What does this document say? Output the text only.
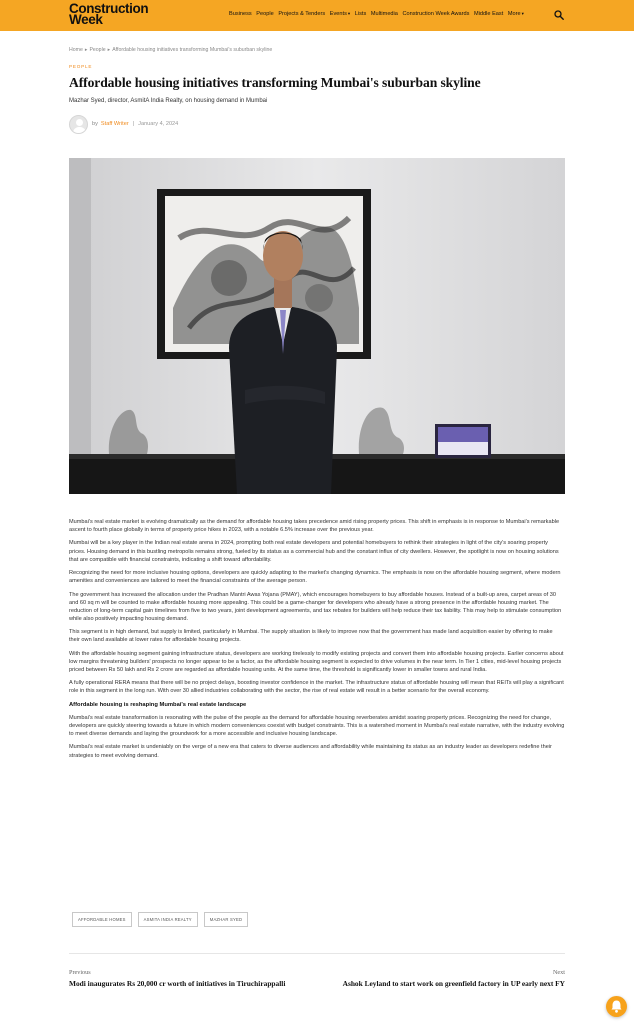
Construction
Week	Business People Projects & Tenders Events▾ Lists Multimedia Construction Week Awards Middle East More▾
Home ▸ People ▸ Affordable housing initiatives transforming Mumbai's suburban skyline
PEOPLE
Affordable housing initiatives transforming Mumbai's suburban skyline
Mazhar Syed, director, AsmitA India Realty, on housing demand in Mumbai
by Staff Writer | January 4, 2024

Mumbai's real estate market is evolving dramatically as the demand for affordable housing takes precedence amid rising property prices. This shift in emphasis is in response to Mumbai's remarkable ascent to fourth place globally in terms of property price hikes in 2023, with a notable 6.5% increase over the previous year.

Mumbai will be a key player in the Indian real estate arena in 2024, prompting both real estate developers and potential homebuyers to rethink their strategies in light of the city's soaring property prices. Housing demand in this bustling metropolis remains strong, fueled by its status as a commercial hub and the constant influx of city dwellers. However, the spotlight is now on housing solutions that are compatible with financial constraints, indicating a shift toward affordability.

Recognizing the need for more inclusive housing options, developers are quickly adapting to the market's changing dynamics. The emphasis is now on the affordable housing segment, where modern amenities and conveniences are tailored to meet the financial constraints of the average person.

The government has increased the allocation under the Pradhan Mantri Awas Yojana (PMAY), which encourages homebuyers to buy affordable houses. Instead of a built-up area, carpet areas of 30 and 60 sq m will be counted to make affordable housing more appealing. This could be a game-changer for developers who already have a strong presence in the affordable housing market. The reduction of long-term capital gain timelines from five to two years, joint development agreements, and tax rebates for builders will help reduce their tax liability. This may help to stimulate consumption while also positively impacting housing demand.

This segment is in high demand, but supply is limited, particularly in Mumbai. The supply situation is likely to improve now that the government has made land acquisition easier by offering to make their own land available at lower rates for affordable housing projects.

With the affordable housing segment gaining infrastructure status, developers are working tirelessly to modify existing projects and convert them into affordable housing projects. Earlier concerns about low margins threatening builders' prospects no longer appear to be a factor, as the affordable housing segment is expected to drive volumes in the near term. In Tier 1 cities, mid-level housing projects priced between Rs 50 lakh and Rs 2 crore are regarded as affordable housing units. At the same time, the threshold is significantly lower in smaller towns and rural India.

A fully operational RERA means that there will be no project delays, boosting investor confidence in the market. The infrastructure status of affordable housing will mean that REITs will play a significant role in this segment in the long run. With over 30 allied industries collaborating with the sector, the rise of real estate will result in a better scenario for the overall economy.

Affordable housing is reshaping Mumbai's real estate landscape

Mumbai's real estate transformation is resonating with the pulse of the people as the demand for affordable housing reverberates amidst soaring property prices. Recognizing the need for change, developers are quickly steering towards a future in which modern conveniences coexist with budget constraints. This is a watershed moment in Mumbai's real estate narrative, with the industry evolving to meet diverse demands and laying the groundwork for a more accessible and inclusive housing landscape.

Mumbai's real estate market is undeniably on the verge of a new era that caters to diverse audiences and affordability while maintaining its status as an industry leader as developers redefine their strategies to meet evolving demand.

AFFORDABLE HOMES	ASMITA INDIA REALTY	MAZHAR SYED
Previous
Modi inaugurates Rs 20,000 cr worth of initiatives in Tiruchirappalli
Next
Ashok Leyland to start work on greenfield factory in UP early next FY
